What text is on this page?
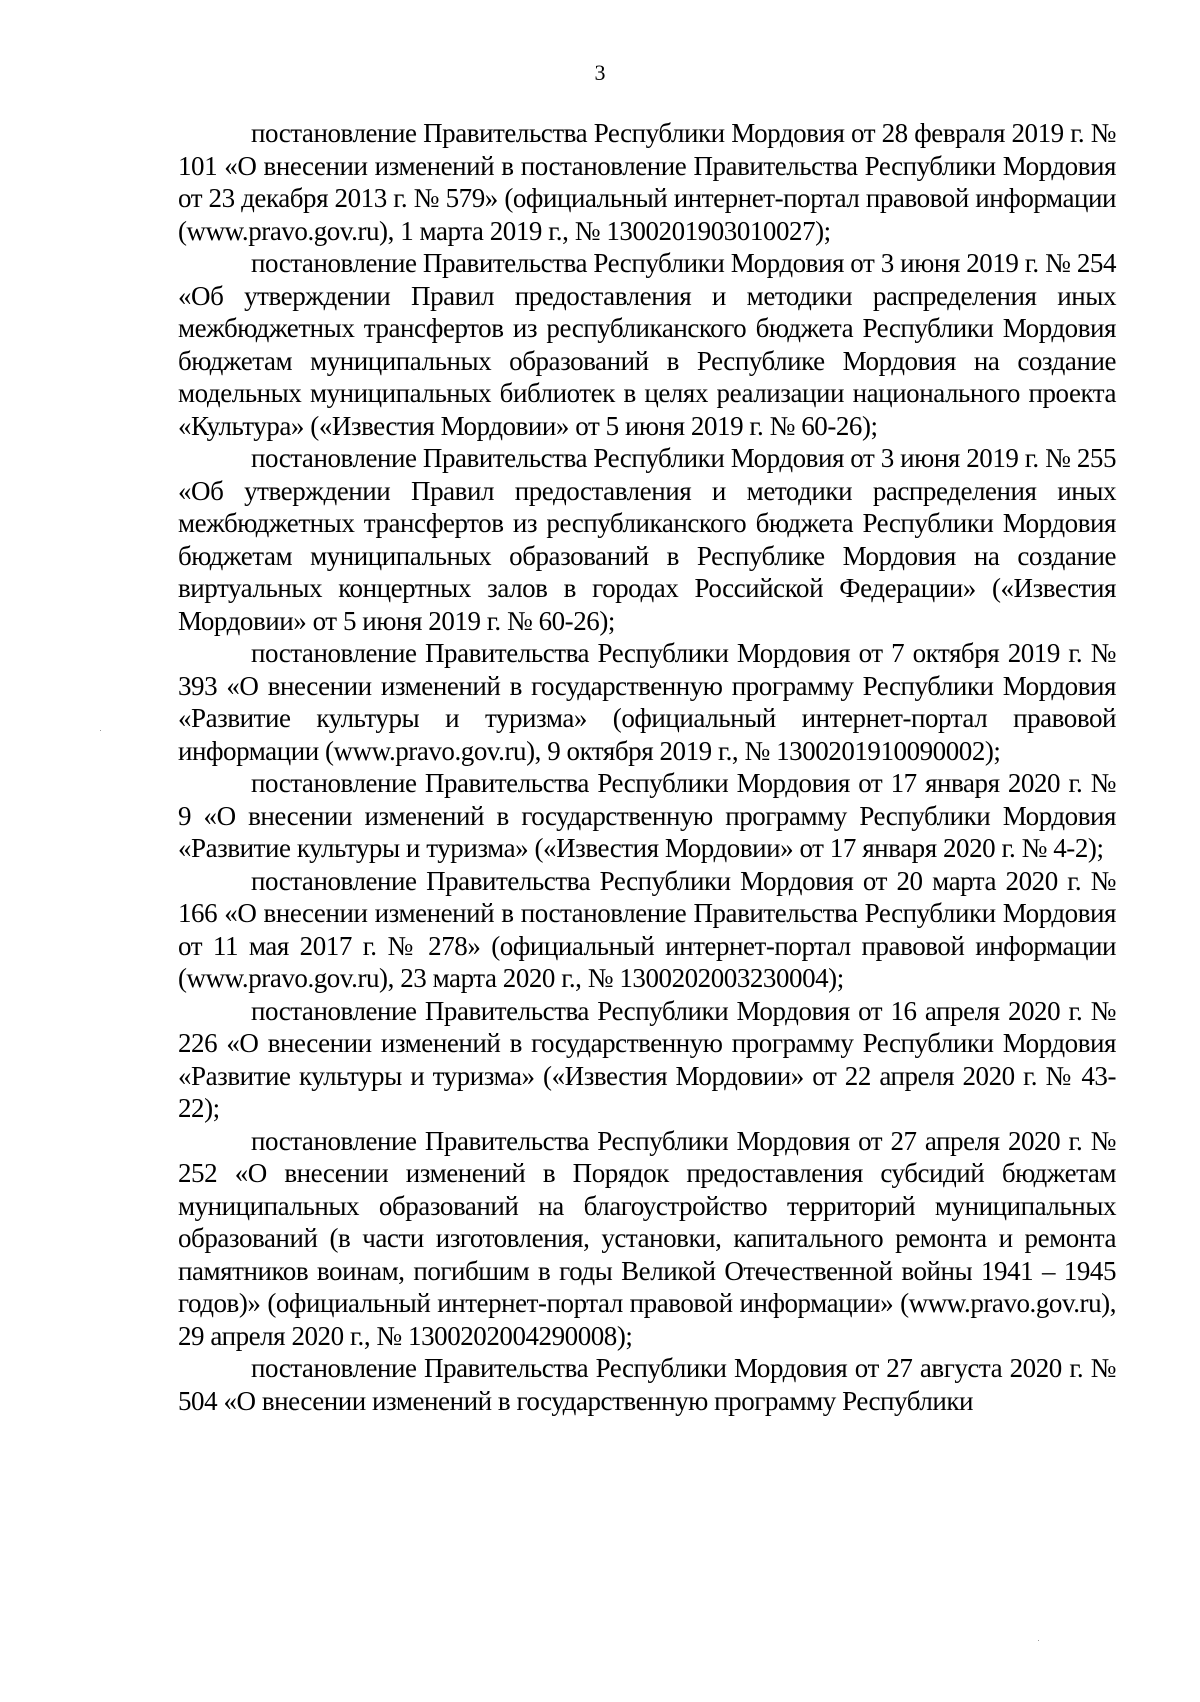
3

постановление Правительства Республики Мордовия от 28 февраля 2019 г. № 101 «О внесении изменений в постановление Правительства Республики Мордовия от 23 декабря 2013 г. № 579» (официальный интернет-портал правовой информации (www.pravo.gov.ru), 1 марта 2019 г., № 1300201903010027);

постановление Правительства Республики Мордовия от 3 июня 2019 г. № 254 «Об утверждении Правил предоставления и методики распределения иных межбюджетных трансфертов из республиканского бюджета Республики Мордовия бюджетам муниципальных образований в Республике Мордовия на создание модельных муниципальных библиотек в целях реализации национального проекта «Культура» («Известия Мордовии» от 5 июня 2019 г. № 60-26);

постановление Правительства Республики Мордовия от 3 июня 2019 г. № 255 «Об утверждении Правил предоставления и методики распределения иных межбюджетных трансфертов из республиканского бюджета Республики Мордовия бюджетам муниципальных образований в Республике Мордовия на создание виртуальных концертных залов в городах Российской Федерации» («Известия Мордовии» от 5 июня 2019 г. № 60-26);

постановление Правительства Республики Мордовия от 7 октября 2019 г. № 393 «О внесении изменений в государственную программу Республики Мордовия «Развитие культуры и туризма» (официальный интернет-портал правовой информации (www.pravo.gov.ru), 9 октября 2019 г., № 1300201910090002);

постановление Правительства Республики Мордовия от 17 января 2020 г. № 9 «О внесении изменений в государственную программу Республики Мордовия «Развитие культуры и туризма» («Известия Мордовии» от 17 января 2020 г. № 4-2);

постановление Правительства Республики Мордовия от 20 марта 2020 г. № 166 «О внесении изменений в постановление Правительства Республики Мордовия от 11 мая 2017 г. № 278» (официальный интернет-портал правовой информации (www.pravo.gov.ru), 23 марта 2020 г., № 1300202003230004);

постановление Правительства Республики Мордовия от 16 апреля 2020 г. № 226 «О внесении изменений в государственную программу Республики Мордовия «Развитие культуры и туризма» («Известия Мордовии» от 22 апреля 2020 г. № 43-22);

постановление Правительства Республики Мордовия от 27 апреля 2020 г. № 252 «О внесении изменений в Порядок предоставления субсидий бюджетам муниципальных образований на благоустройство территорий муниципальных образований (в части изготовления, установки, капитального ремонта и ремонта памятников воинам, погибшим в годы Великой Отечественной войны 1941 – 1945 годов)» (официальный интернет-портал правовой информации» (www.pravo.gov.ru), 29 апреля 2020 г., № 1300202004290008);

постановление Правительства Республики Мордовия от 27 августа 2020 г. № 504 «О внесении изменений в государственную программу Республики
